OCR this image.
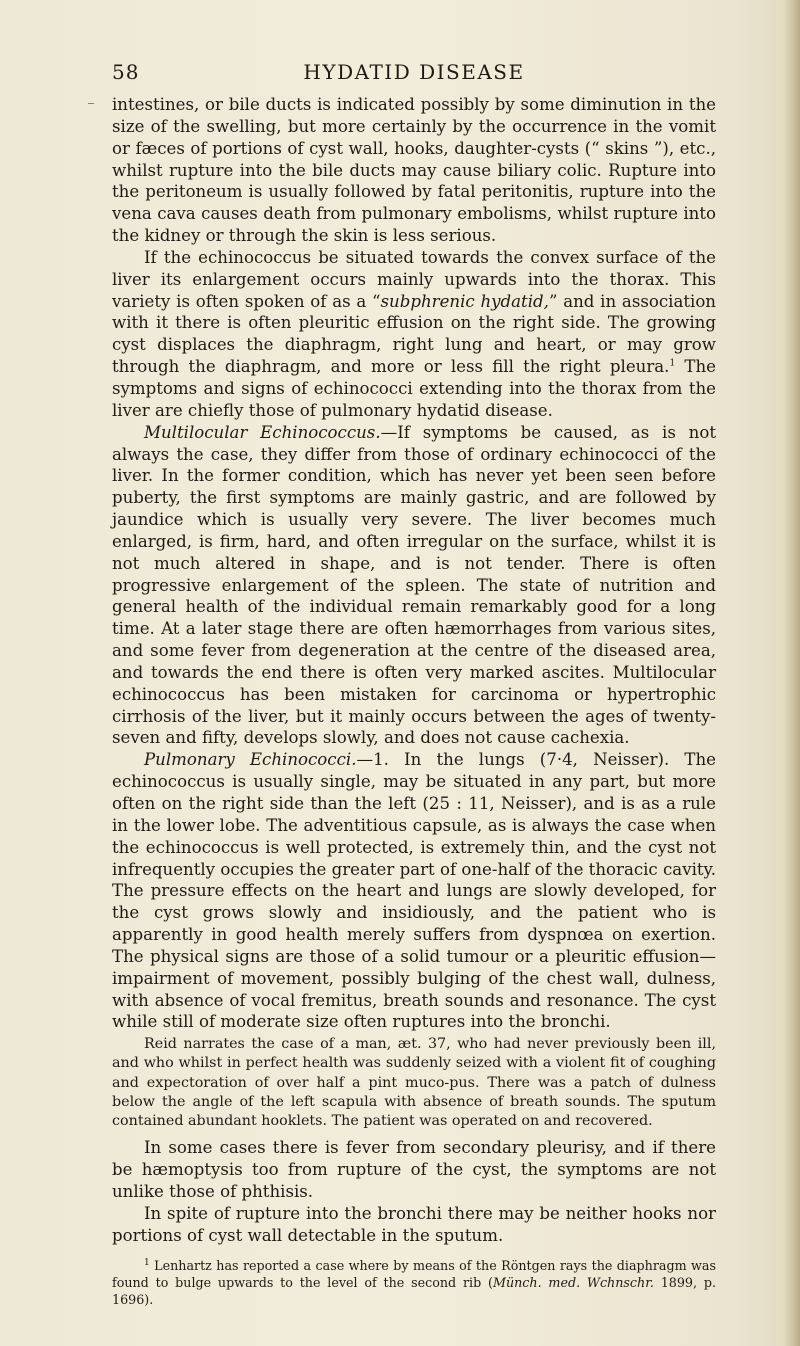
58	HYDATID DISEASE

intestines, or bile ducts is indicated possibly by some diminution in the size of the swelling, but more certainly by the occurrence in the vomit or fæces of portions of cyst wall, hooks, daughter-cysts (“ skins ”), etc., whilst rupture into the bile ducts may cause biliary colic. Rupture into the peritoneum is usually followed by fatal peritonitis, rupture into the vena cava causes death from pulmonary embolisms, whilst rupture into the kidney or through the skin is less serious.

If the echinococcus be situated towards the convex surface of the liver its enlargement occurs mainly upwards into the thorax. This variety is often spoken of as a “subphrenic hydatid,” and in association with it there is often pleuritic effusion on the right side. The growing cyst displaces the diaphragm, right lung and heart, or may grow through the diaphragm, and more or less fill the right pleura.$^1$ The symptoms and signs of echinococci extending into the thorax from the liver are chiefly those of pulmonary hydatid disease.

Multilocular Echinococcus.—If symptoms be caused, as is not always the case, they differ from those of ordinary echinococci of the liver. In the former condition, which has never yet been seen before puberty, the first symptoms are mainly gastric, and are followed by jaundice which is usually very severe. The liver becomes much enlarged, is firm, hard, and often irregular on the surface, whilst it is not much altered in shape, and is not tender. There is often progressive enlargement of the spleen. The state of nutrition and general health of the individual remain remarkably good for a long time. At a later stage there are often hæmorrhages from various sites, and some fever from degeneration at the centre of the diseased area, and towards the end there is often very marked ascites. Multilocular echinococcus has been mistaken for carcinoma or hypertrophic cirrhosis of the liver, but it mainly occurs between the ages of twenty-seven and fifty, develops slowly, and does not cause cachexia.

Pulmonary Echinococci.—1. In the lungs (7·4, Neisser). The echinococcus is usually single, may be situated in any part, but more often on the right side than the left (25 : 11, Neisser), and is as a rule in the lower lobe. The adventitious capsule, as is always the case when the echinococcus is well protected, is extremely thin, and the cyst not infrequently occupies the greater part of one-half of the thoracic cavity. The pressure effects on the heart and lungs are slowly developed, for the cyst grows slowly and insidiously, and the patient who is apparently in good health merely suffers from dyspnœa on exertion. The physical signs are those of a solid tumour or a pleuritic effusion—impairment of movement, possibly bulging of the chest wall, dulness, with absence of vocal fremitus, breath sounds and resonance. The cyst while still of moderate size often ruptures into the bronchi.

Reid narrates the case of a man, æt. 37, who had never previously been ill, and who whilst in perfect health was suddenly seized with a violent fit of coughing and expectoration of over half a pint muco-pus. There was a patch of dulness below the angle of the left scapula with absence of breath sounds. The sputum contained abundant hooklets. The patient was operated on and recovered.

In some cases there is fever from secondary pleurisy, and if there be hæmoptysis too from rupture of the cyst, the symptoms are not unlike those of phthisis.

In spite of rupture into the bronchi there may be neither hooks nor portions of cyst wall detectable in the sputum.

$^1$ Lenhartz has reported a case where by means of the Röntgen rays the diaphragm was found to bulge upwards to the level of the second rib (Münch. med. Wchnschr. 1899, p. 1696).
